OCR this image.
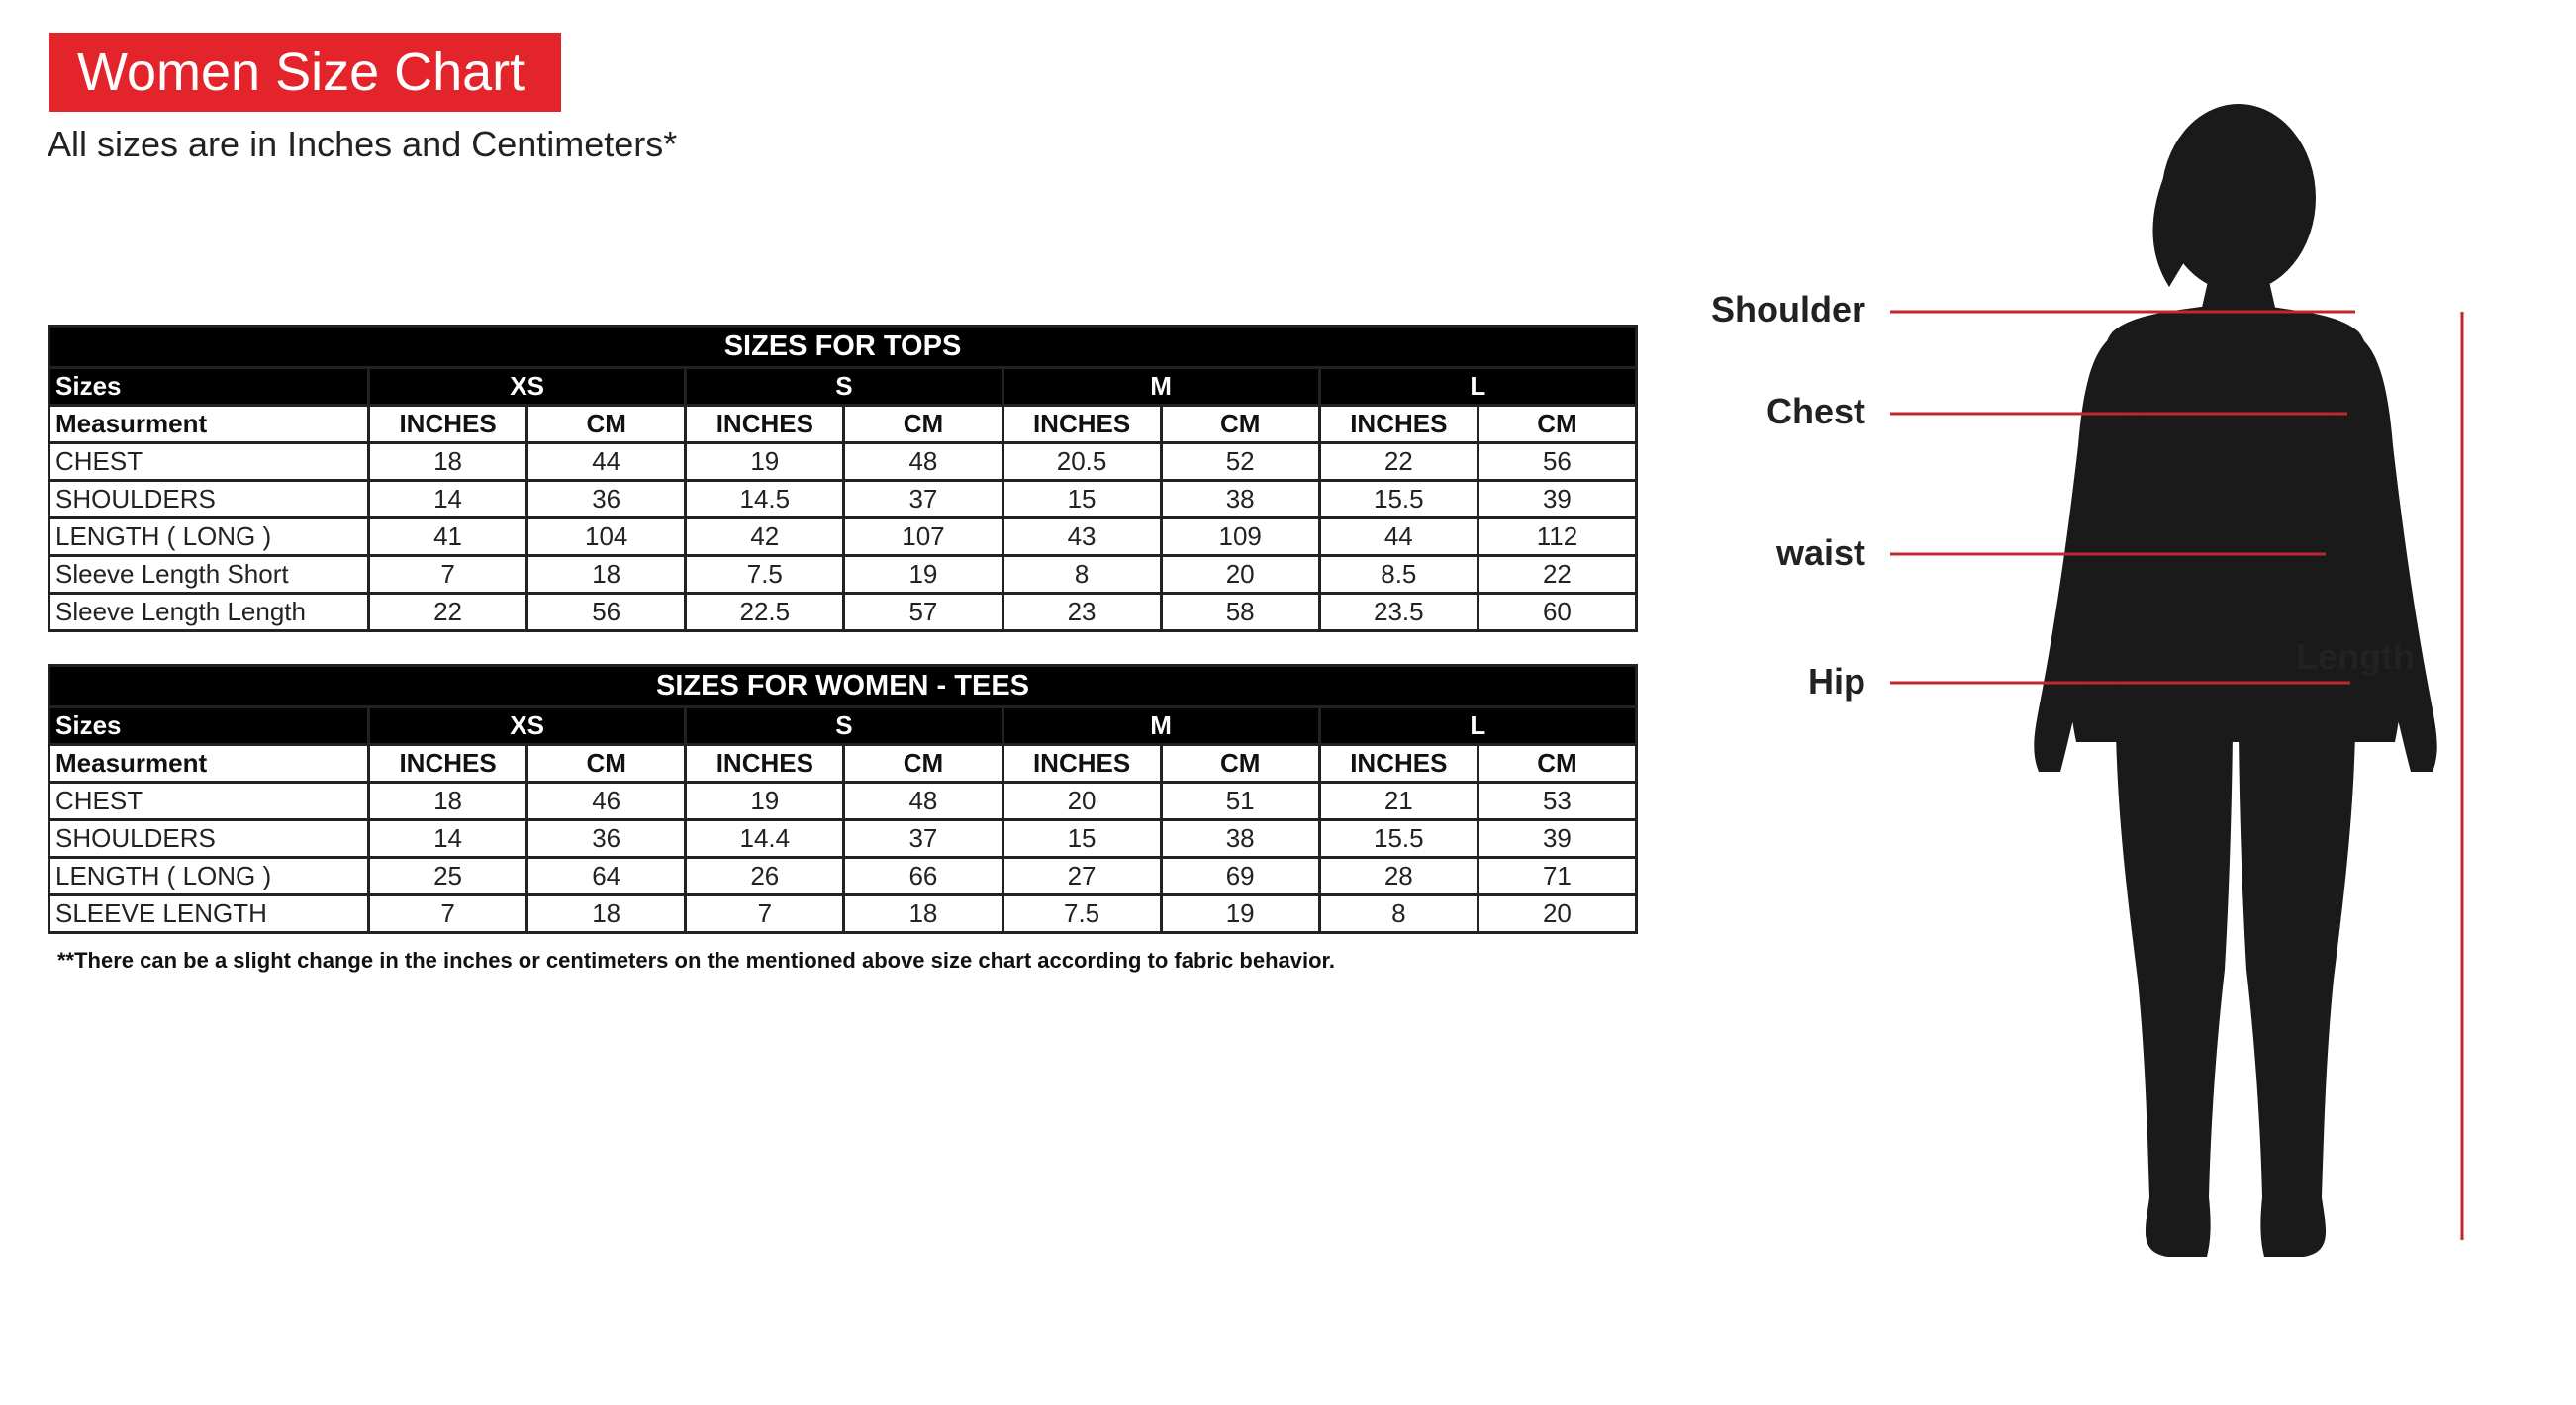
Women Size Chart
All sizes are in Inches and Centimeters*
SIZES FOR TOPS								
Sizes	XS		S		M		L	
Measurment	INCHES	CM	INCHES	CM	INCHES	CM	INCHES	CM
CHEST	18	44	19	48	20.5	52	22	56
SHOULDERS	14	36	14.5	37	15	38	15.5	39
LENGTH ( LONG )	41	104	42	107	43	109	44	112
Sleeve Length Short	7	18	7.5	19	8	20	8.5	22
Sleeve Length Length	22	56	22.5	57	23	58	23.5	60
SIZES FOR WOMEN - TEES								
Sizes	XS		S		M		L	
Measurment	INCHES	CM	INCHES	CM	INCHES	CM	INCHES	CM
CHEST	18	46	19	48	20	51	21	53
SHOULDERS	14	36	14.4	37	15	38	15.5	39
LENGTH ( LONG )	25	64	26	66	27	69	28	71
SLEEVE LENGTH	7	18	7	18	7.5	19	8	20
**There can be a slight change in the inches or centimeters on the mentioned above size chart according to fabric behavior.
Shoulder
Chest
waist
Hip
Length
